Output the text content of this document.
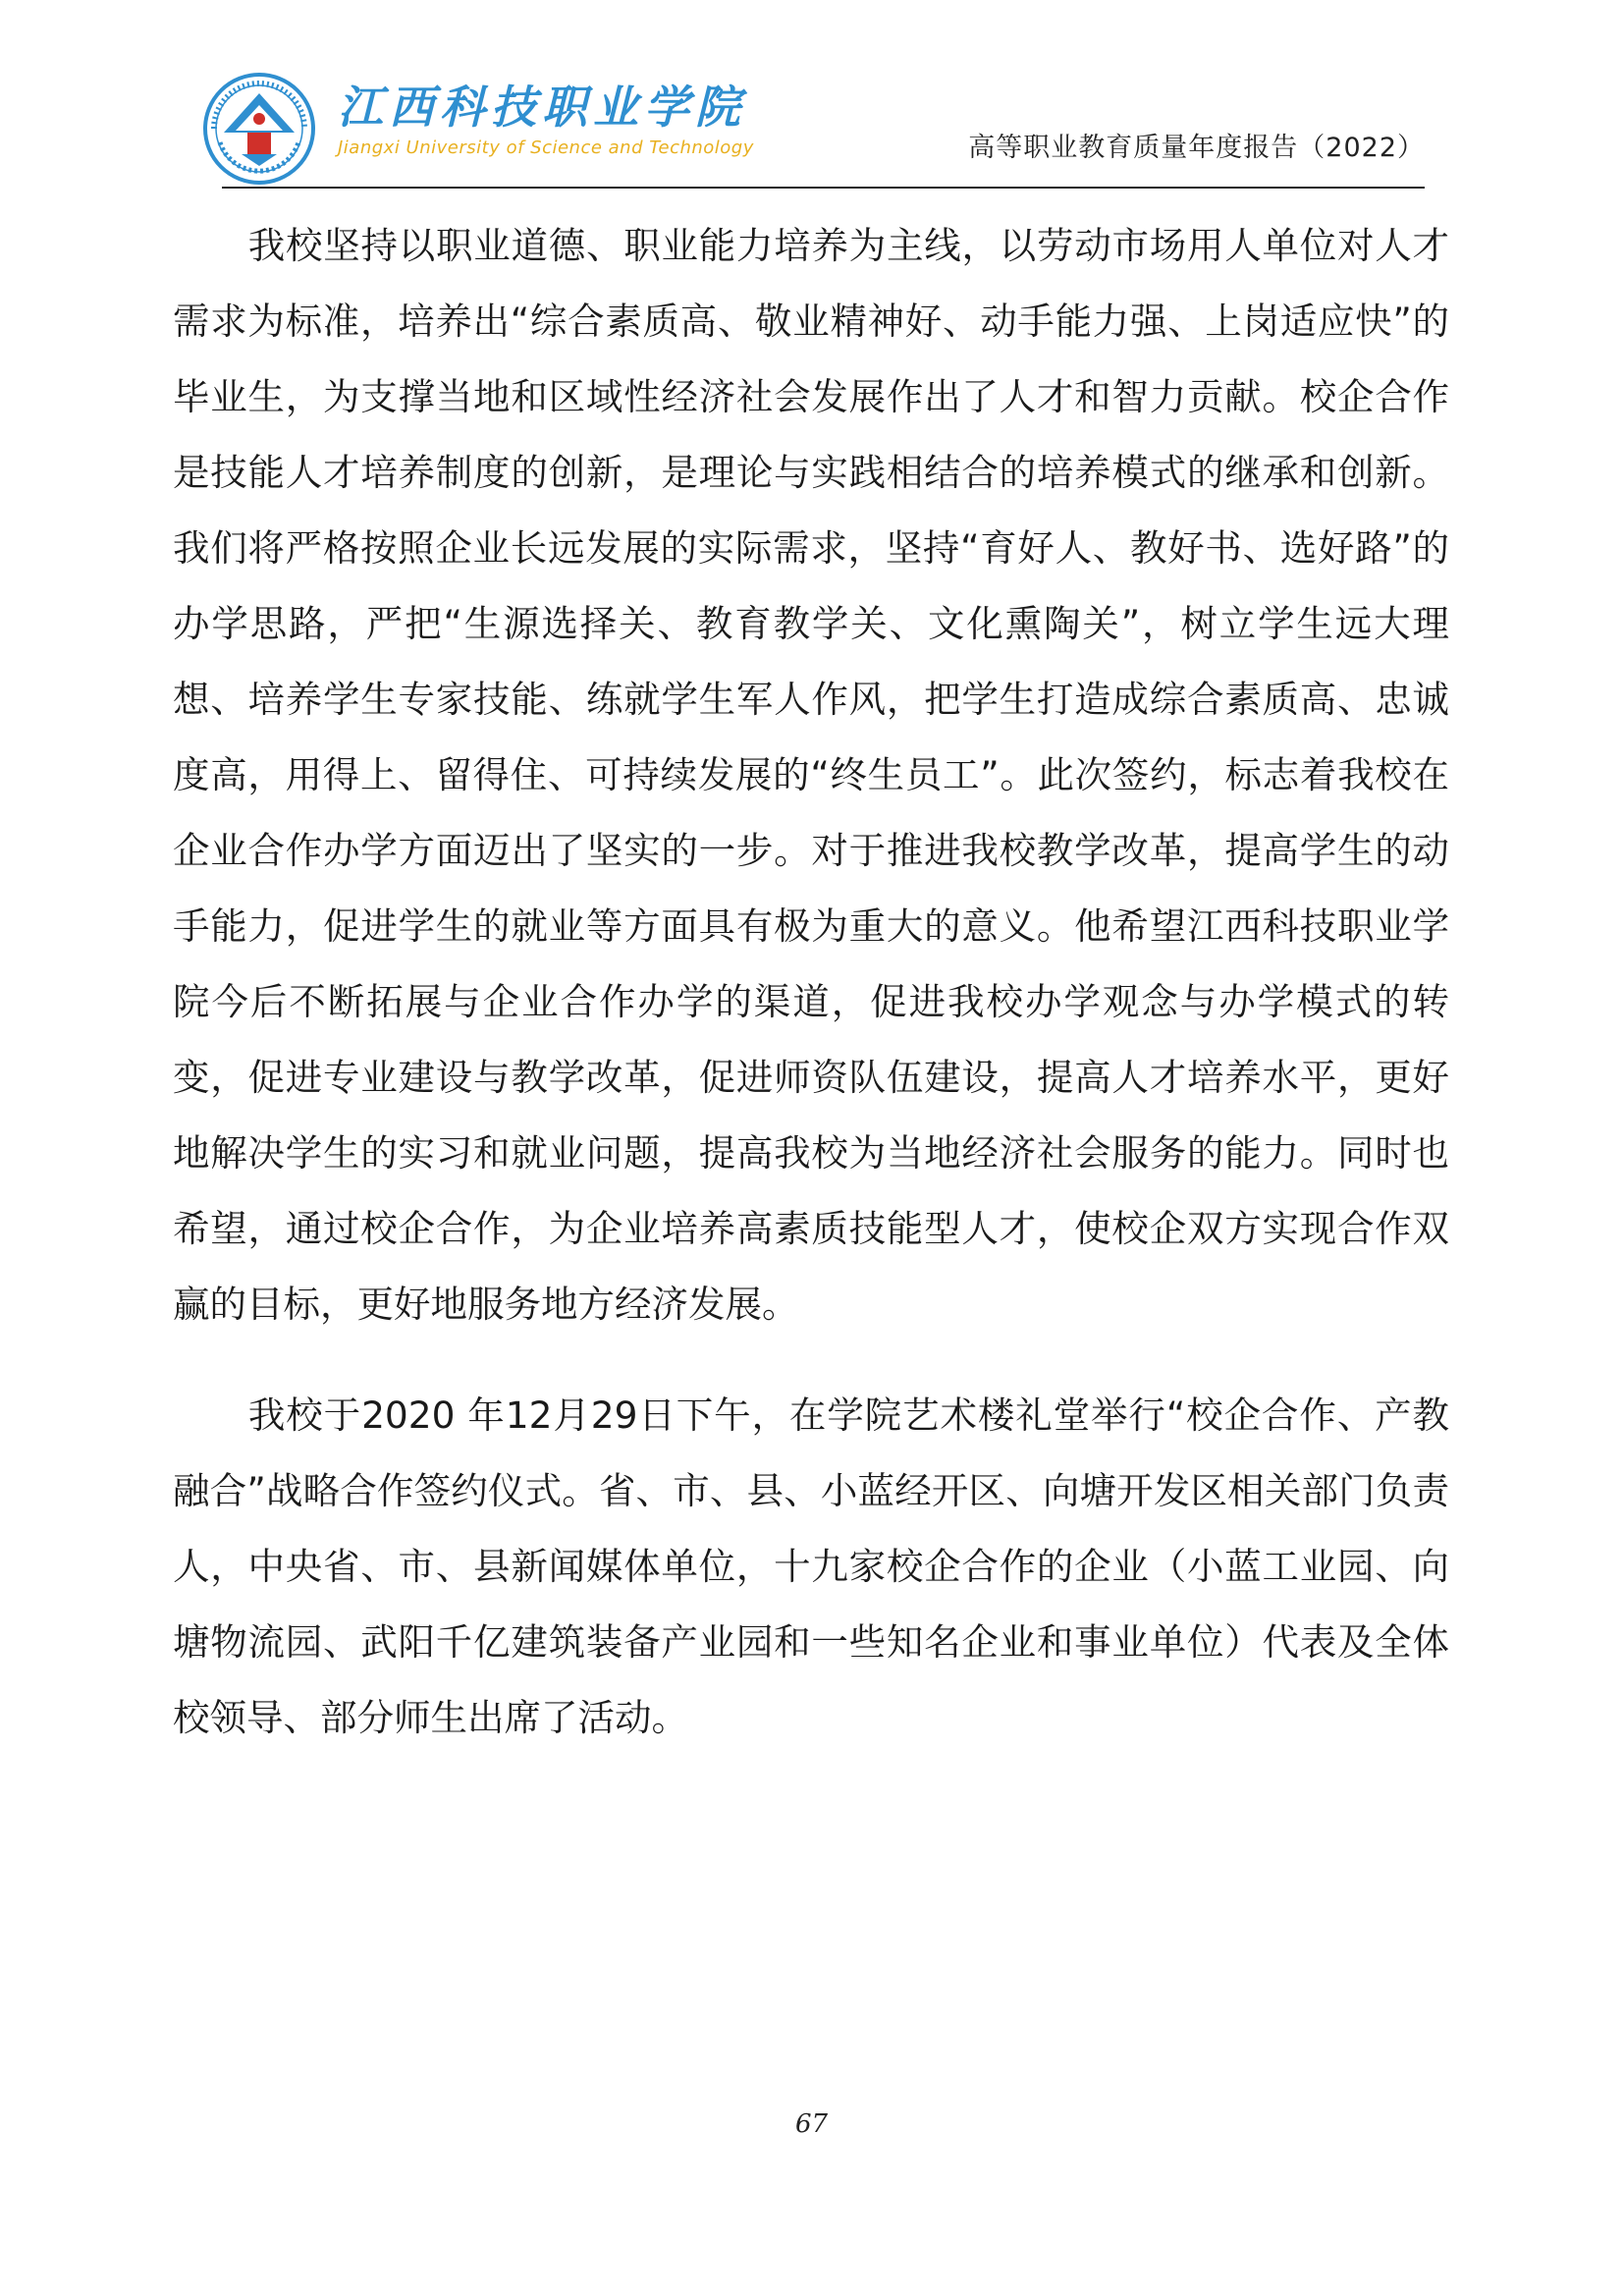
江西科技职业学院
Jiangxi University of Science and Technology	高等职业教育质量年度报告（2022）

我校坚持以职业道德、职业能力培养为主线，以劳动市场用人单位对人才需求为标准，培养出“综合素质高、敬业精神好、动手能力强、上岗适应快”的毕业生，为支撑当地和区域性经济社会发展作出了人才和智力贡献。校企合作是技能人才培养制度的创新，是理论与实践相结合的培养模式的继承和创新。我们将严格按照企业长远发展的实际需求，坚持“育好人、教好书、选好路”的办学思路，严把“生源选择关、教育教学关、文化熏陶关”，树立学生远大理想、培养学生专家技能、练就学生军人作风，把学生打造成综合素质高、忠诚度高，用得上、留得住、可持续发展的“终生员工”。此次签约，标志着我校在企业合作办学方面迈出了坚实的一步。对于推进我校教学改革，提高学生的动手能力，促进学生的就业等方面具有极为重大的意义。他希望江西科技职业学院今后不断拓展与企业合作办学的渠道，促进我校办学观念与办学模式的转变，促进专业建设与教学改革，促进师资队伍建设，提高人才培养水平，更好地解决学生的实习和就业问题，提高我校为当地经济社会服务的能力。同时也希望，通过校企合作，为企业培养高素质技能型人才，使校企双方实现合作双赢的目标，更好地服务地方经济发展。

我校于2020 年12月29日下午，在学院艺术楼礼堂举行“校企合作、产教融合”战略合作签约仪式。省、市、县、小蓝经开区、向塘开发区相关部门负责人，中央省、市、县新闻媒体单位，十九家校企合作的企业（小蓝工业园、向塘物流园、武阳千亿建筑装备产业园和一些知名企业和事业单位）代表及全体校领导、部分师生出席了活动。

67
